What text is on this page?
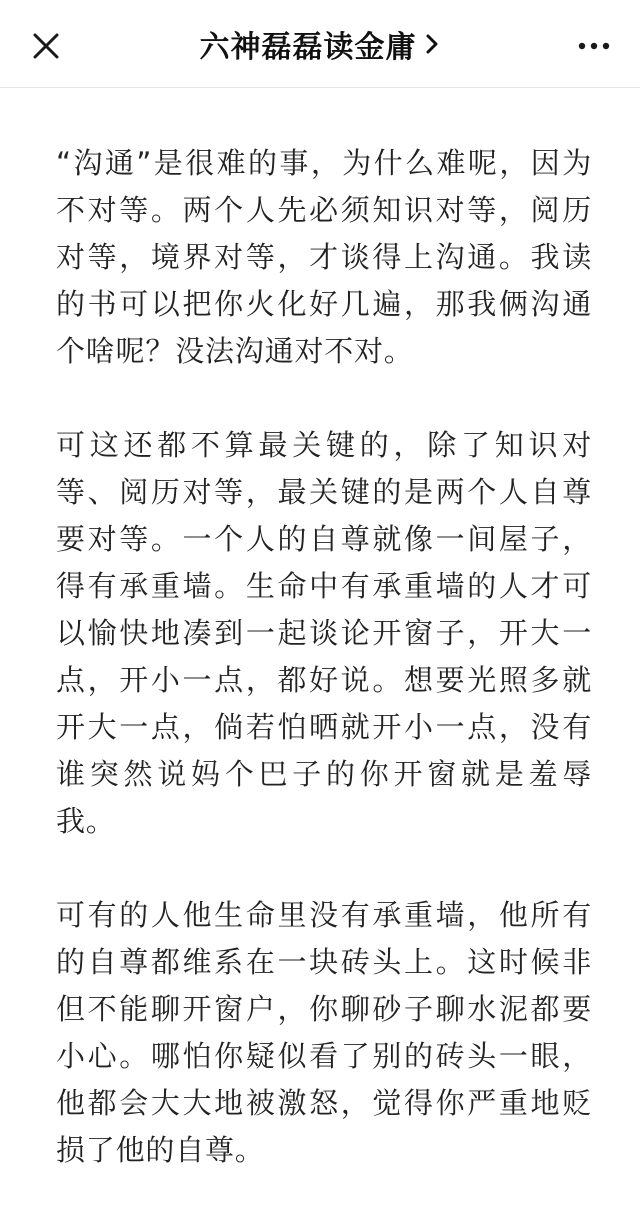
六神磊磊读金庸

“沟通”是很难的事，为什么难呢，因为不对等。两个人先必须知识对等，阅历对等，境界对等，才谈得上沟通。我读的书可以把你火化好几遍，那我俩沟通个啥呢？没法沟通对不对。

可这还都不算最关键的，除了知识对等、阅历对等，最关键的是两个人自尊要对等。一个人的自尊就像一间屋子，得有承重墙。生命中有承重墙的人才可以愉快地凑到一起谈论开窗子，开大一点，开小一点，都好说。想要光照多就开大一点，倘若怕晒就开小一点，没有谁突然说妈个巴子的你开窗就是羞辱我。

可有的人他生命里没有承重墙，他所有的自尊都维系在一块砖头上。这时候非但不能聊开窗户，你聊砂子聊水泥都要小心。哪怕你疑似看了别的砖头一眼，他都会大大地被激怒，觉得你严重地贬损了他的自尊。
